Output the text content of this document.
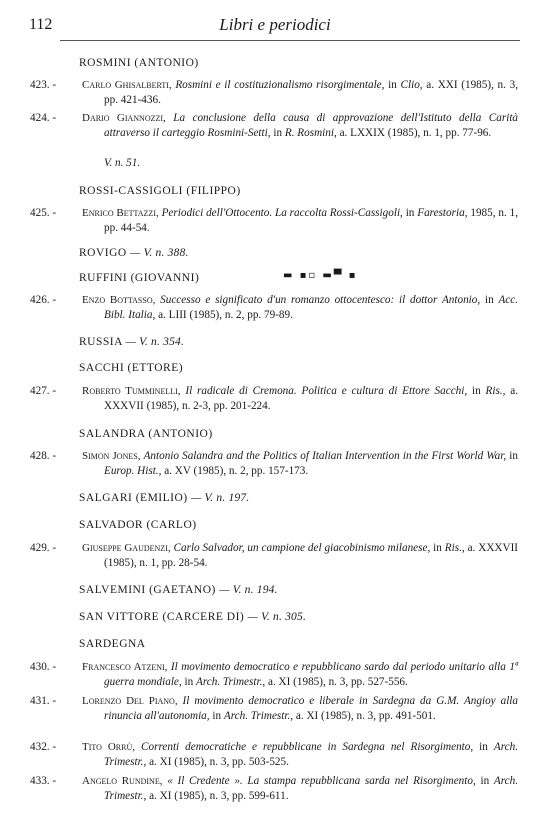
112	Libri e periodici
ROSMINI (ANTONIO)
423. -	Carlo Ghisalberti, Rosmini e il costituzionalismo risorgimentale, in Clio, a. XXI (1985), n. 3, pp. 421-436.
424. -	Dario Giannozzi, La conclusione della causa di approvazione dell'Istituto della Carità attraverso il carteggio Rosmini-Setti, in R. Rosmini, a. LXXIX (1985), n. 1, pp. 77-96.
V. n. 51.
ROSSI-CASSIGOLI (FILIPPO)
425. -	Enrico Bettazzi, Periodici dell'Ottocento. La raccolta Rossi-Cassigoli, in Farestoria, 1985, n. 1, pp. 44-54.
ROVIGO — V. n. 388.
RUFFINI (GIOVANNI)	▬ ▪▫ ▬▀ ▪
426. -	Enzo Bottasso, Successo e significato d'un romanzo ottocentesco: il dottor Antonio, in Acc. Bibl. Italia, a. LIII (1985), n. 2, pp. 79-89.
RUSSIA — V. n. 354.
SACCHI (ETTORE)
427. -	Roberto Tumminelli, Il radicale di Cremona. Politica e cultura di Ettore Sacchi, in Ris., a. XXXVII (1985), n. 2-3, pp. 201-224.
SALANDRA (ANTONIO)
428. -	Simon Jones, Antonio Salandra and the Politics of Italian Intervention in the First World War, in Europ. Hist., a. XV (1985), n. 2, pp. 157-173.
SALGARI (EMILIO) — V. n. 197.
SALVADOR (CARLO)
429. -	Giuseppe Gaudenzi, Carlo Salvador, un campione del giacobinismo milanese, in Ris., a. XXXVII (1985), n. 1, pp. 28-54.
SALVEMINI (GAETANO) — V. n. 194.
SAN VITTORE (CARCERE DI) — V. n. 305.
SARDEGNA
430. -	Francesco Atzeni, Il movimento democratico e repubblicano sardo dal periodo unitario alla 1ª guerra mondiale, in Arch. Trimestr., a. XI (1985), n. 3, pp. 527-556.
431. -	Lorenzo Del Piano, Il movimento democratico e liberale in Sardegna da G.M. Angioy alla rinuncia all'autonomia, in Arch. Trimestr., a. XI (1985), n. 3, pp. 491-501.
432. -	Tito Orrù, Correnti democratiche e repubblicane in Sardegna nel Risorgimento, in Arch. Trimestr., a. XI (1985), n. 3, pp. 503-525.
433. -	Angelo Rundine, « Il Credente ». La stampa repubblicana sarda nel Risorgimento, in Arch. Trimestr., a. XI (1985), n. 3, pp. 599-611.
